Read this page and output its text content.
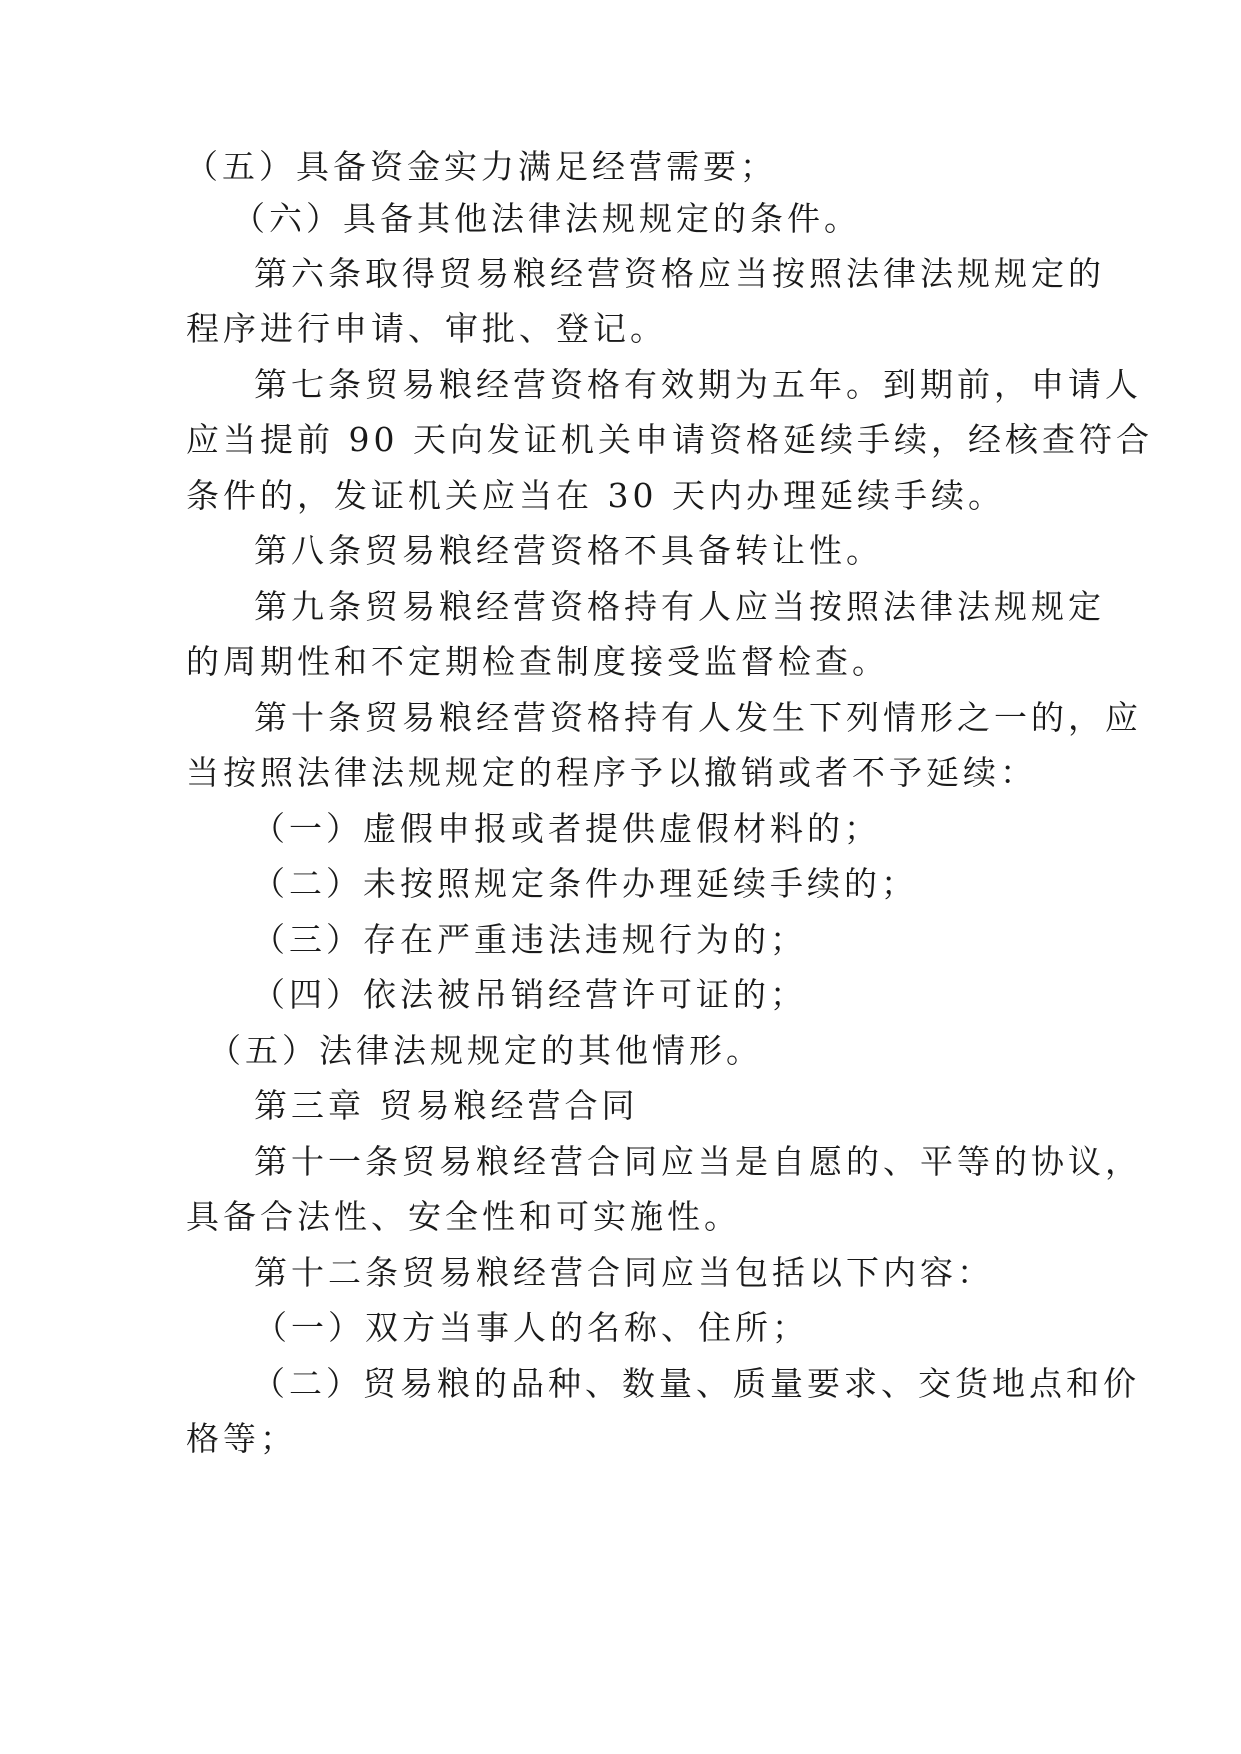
（五）具备资金实力满足经营需要；

（六）具备其他法律法规规定的条件。

第六条取得贸易粮经营资格应当按照法律法规规定的

程序进行申请、审批、登记。

第七条贸易粮经营资格有效期为五年。到期前，申请人

应当提前 90 天向发证机关申请资格延续手续，经核查符合

条件的，发证机关应当在 30 天内办理延续手续。

第八条贸易粮经营资格不具备转让性。

第九条贸易粮经营资格持有人应当按照法律法规规定

的周期性和不定期检查制度接受监督检查。

第十条贸易粮经营资格持有人发生下列情形之一的，应

当按照法律法规规定的程序予以撤销或者不予延续：

（一）虚假申报或者提供虚假材料的；

（二）未按照规定条件办理延续手续的；

（三）存在严重违法违规行为的；

（四）依法被吊销经营许可证的；

（五）法律法规规定的其他情形。

第三章 贸易粮经营合同

第十一条贸易粮经营合同应当是自愿的、平等的协议，

具备合法性、安全性和可实施性。

第十二条贸易粮经营合同应当包括以下内容：

（一）双方当事人的名称、住所；

（二）贸易粮的品种、数量、质量要求、交货地点和价

格等；
